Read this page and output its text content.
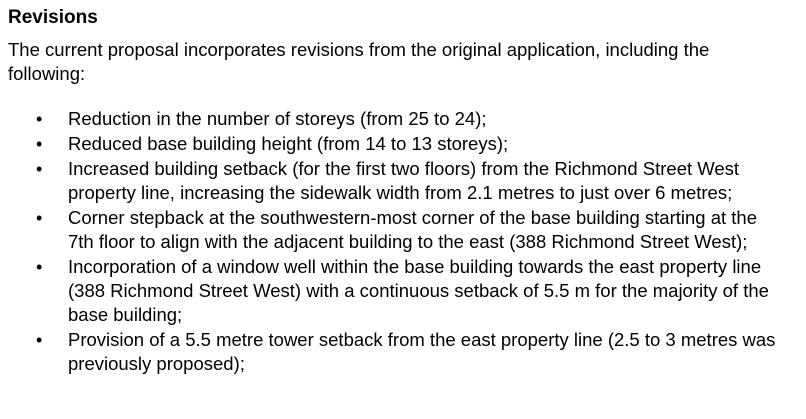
Revisions

The current proposal incorporates revisions from the original application, including the following:

• Reduction in the number of storeys (from 25 to 24);
• Reduced base building height (from 14 to 13 storeys);
• Increased building setback (for the first two floors) from the Richmond Street West property line, increasing the sidewalk width from 2.1 metres to just over 6 metres;
• Corner stepback at the southwestern-most corner of the base building starting at the 7th floor to align with the adjacent building to the east (388 Richmond Street West);
• Incorporation of a window well within the base building towards the east property line (388 Richmond Street West) with a continuous setback of 5.5 m for the majority of the base building;
• Provision of a 5.5 metre tower setback from the east property line (2.5 to 3 metres was previously proposed);
